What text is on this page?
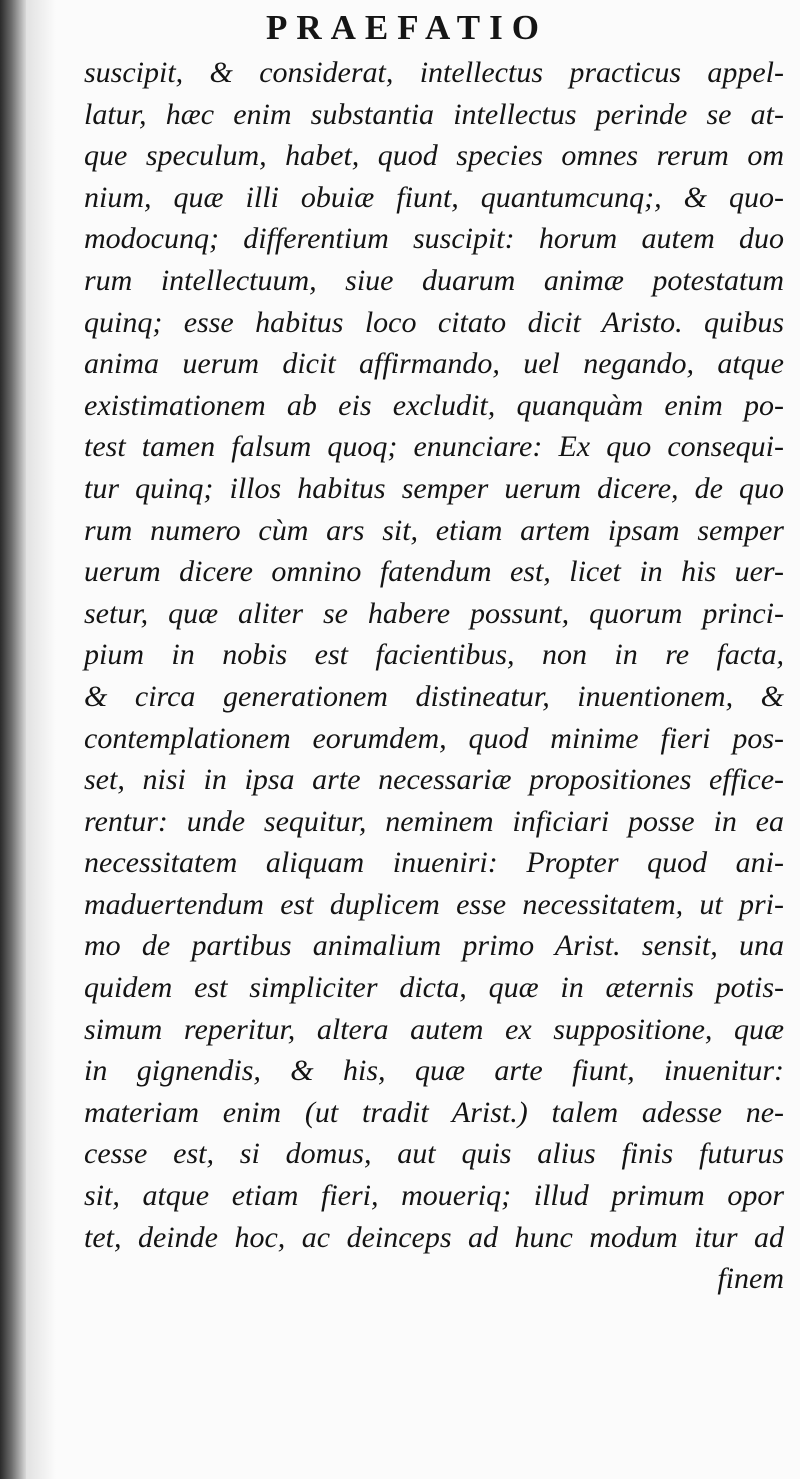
PRAEFATIO
suscipit, & considerat, intellectus practicus appel-
latur, hæc enim substantia intellectus perinde se at-
que speculum, habet, quod species omnes rerum om
nium, quæ illi obuiæ fiunt, quantumcunq;, & quo-
modocunq; differentium suscipit: horum autem duo
rum intellectuum, siue duarum animæ potestatum
quinq; esse habitus loco citato dicit Aristo. quibus
anima uerum dicit affirmando, uel negando, atque
existimationem ab eis excludit, quanquàm enim po-
test tamen falsum quoq; enunciare: Ex quo consequi-
tur quinq; illos habitus semper uerum dicere, de quo
rum numero cùm ars sit, etiam artem ipsam semper
uerum dicere omnino fatendum est, licet in his uer-
setur, quæ aliter se habere possunt, quorum princi-
pium in nobis est facientibus, non in re facta,
& circa generationem distineatur, inuentionem, &
contemplationem eorumdem, quod minime fieri pos-
set, nisi in ipsa arte necessariæ propositiones effice-
rentur: unde sequitur, neminem inficiari posse in ea
necessitatem aliquam inueniri: Propter quod ani-
maduertendum est duplicem esse necessitatem, ut pri-
mo de partibus animalium primo Arist. sensit, una
quidem est simpliciter dicta, quæ in æternis potis-
simum reperitur, altera autem ex suppositione, quæ
in gignendis, & his, quæ arte fiunt, inuenitur:
materiam enim (ut tradit Arist.) talem adesse ne-
cesse est, si domus, aut quis alius finis futurus
sit, atque etiam fieri, moueriq; illud primum opor
tet, deinde hoc, ac deinceps ad hunc modum itur ad
finem
